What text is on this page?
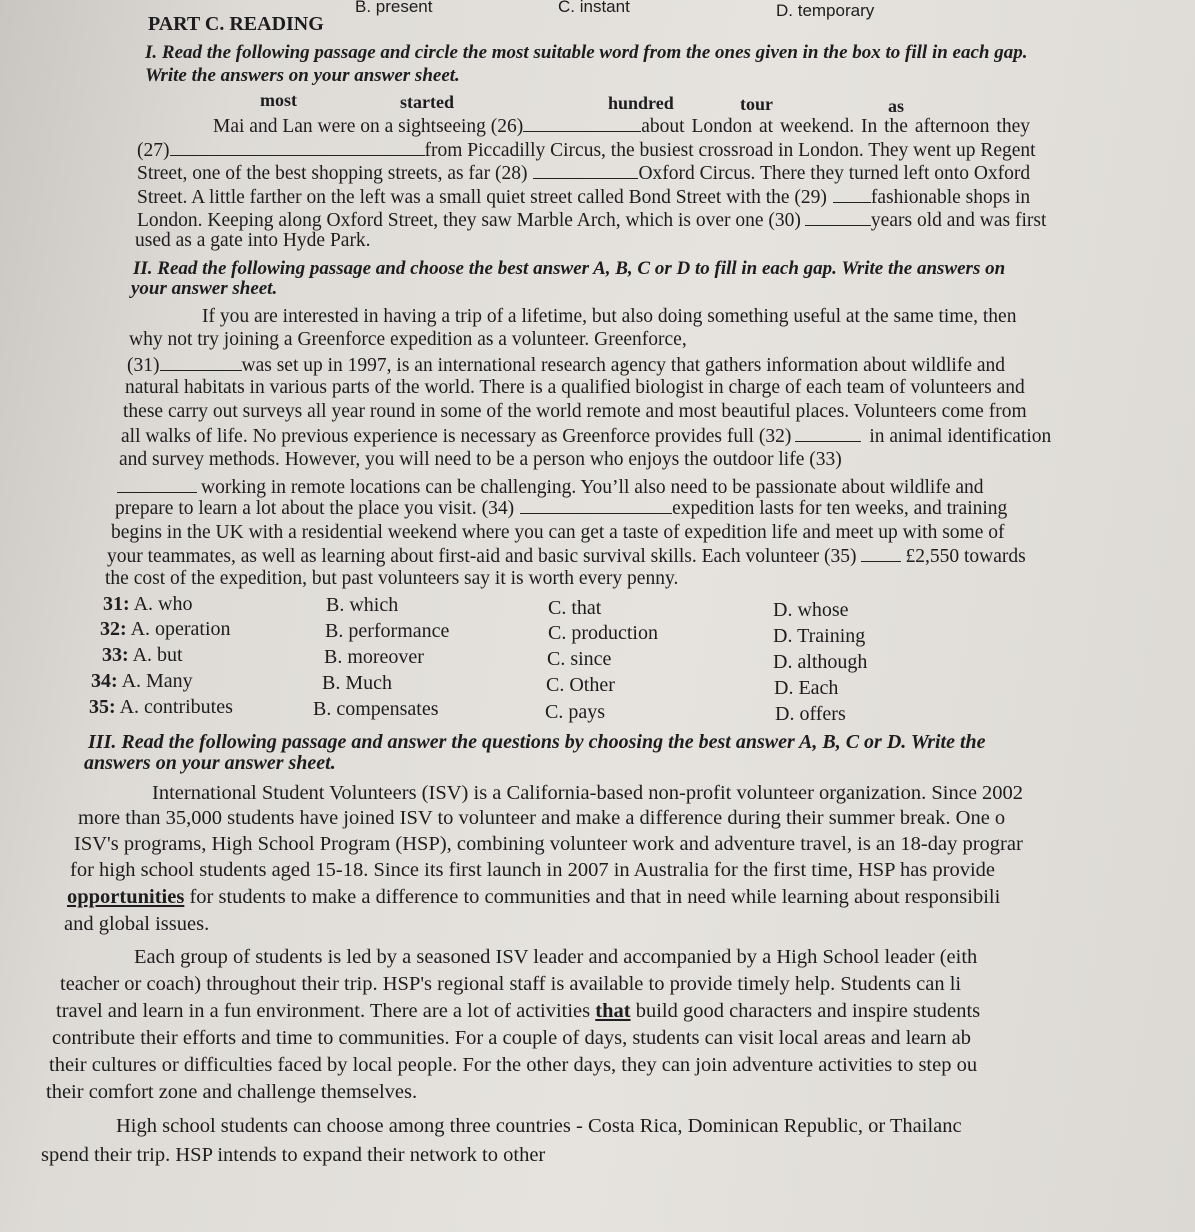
B. present	C. instant	D. temporary
PART C. READING
I. Read the following passage and circle the most suitable word from the ones given in the box to fill in each gap.
Write the answers on your answer sheet.
most	started	hundred	tour	as
Mai and Lan were on a sightseeing (26)	about London at weekend. In the afternoon they
(27)	from Piccadilly Circus, the busiest crossroad in London. They went up Regent
Street, one of the best shopping streets, as far (28)	Oxford Circus. There they turned left onto Oxford
Street. A little farther on the left was a small quiet street called Bond Street with the (29) fashionable shops in
London. Keeping along Oxford Street, they saw Marble Arch, which is over one (30)	years old and was first
used as a gate into Hyde Park.
II. Read the following passage and choose the best answer A, B, C or D to fill in each gap. Write the answers on
your answer sheet.
If you are interested in having a trip of a lifetime, but also doing something useful at the same time, then
why not try joining a Greenforce expedition as a volunteer. Greenforce,
(31)	was set up in 1997, is an international research agency that gathers information about wildlife and
natural habitats in various parts of the world. There is a qualified biologist in charge of each team of volunteers and
these carry out surveys all year round in some of the world remote and most beautiful places. Volunteers come from
all walks of life. No previous experience is necessary as Greenforce provides full (32)	in animal identification
and survey methods. However, you will need to be a person who enjoys the outdoor life (33)
working in remote locations can be challenging. You’ll also need to be passionate about wildlife and
prepare to learn a lot about the place you visit. (34)	expedition lasts for ten weeks, and training
begins in the UK with a residential weekend where you can get a taste of expedition life and meet up with some of
your teammates, as well as learning about first-aid and basic survival skills. Each volunteer (35)	£2,550 towards
the cost of the expedition, but past volunteers say it is worth every penny.
31: A. who	B. which	C. that	D. whose
32: A. operation	B. performance	C. production	D. Training
33: A. but	B. moreover	C. since	D. although
34: A. Many	B. Much	C. Other	D. Each
35: A. contributes	B. compensates	C. pays	D. offers
III. Read the following passage and answer the questions by choosing the best answer A, B, C or D. Write the
answers on your answer sheet.
International Student Volunteers (ISV) is a California-based non-profit volunteer organization. Since 2002
more than 35,000 students have joined ISV to volunteer and make a difference during their summer break. One o
ISV's programs, High School Program (HSP), combining volunteer work and adventure travel, is an 18-day prograr
for high school students aged 15-18. Since its first launch in 2007 in Australia for the first time, HSP has provide
opportunities for students to make a difference to communities and that in need while learning about responsibili
and global issues.
Each group of students is led by a seasoned ISV leader and accompanied by a High School leader (eith
teacher or coach) throughout their trip. HSP's regional staff is available to provide timely help. Students can li
travel and learn in a fun environment. There are a lot of activities that build good characters and inspire students
contribute their efforts and time to communities. For a couple of days, students can visit local areas and learn ab
their cultures or difficulties faced by local people. For the other days, they can join adventure activities to step ou
their comfort zone and challenge themselves.
High school students can choose among three countries - Costa Rica, Dominican Republic, or Thailanc
spend their trip. HSP intends to expand their network to other
